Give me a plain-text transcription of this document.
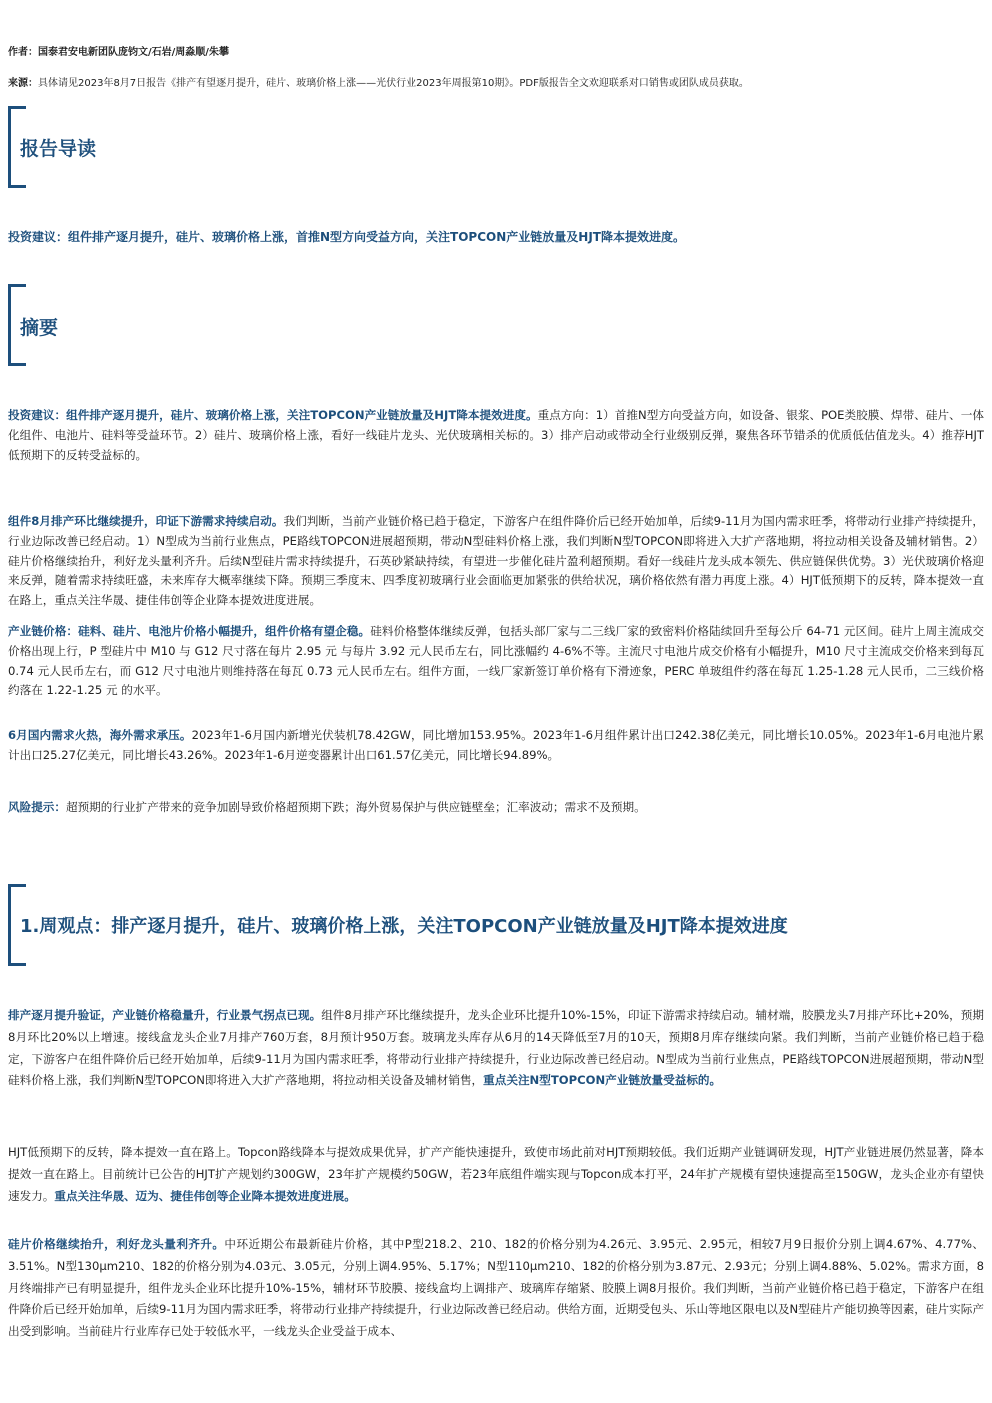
作者：国泰君安电新团队庞钧文/石岩/周淼顺/朱攀
来源：具体请见2023年8月7日报告《排产有望逐月提升，硅片、玻璃价格上涨——光伏行业2023年周报第10期》。PDF版报告全文欢迎联系对口销售或团队成员获取。
报告导读
投资建议：组件排产逐月提升，硅片、玻璃价格上涨，首推N型方向受益方向，关注TOPCON产业链放量及HJT降本提效进度。
摘要

投资建议：组件排产逐月提升，硅片、玻璃价格上涨，关注TOPCON产业链放量及HJT降本提效进度。重点方向：1）首推N型方向受益方向，如设备、银浆、POE类胶膜、焊带、硅片、一体化组件、电池片、硅料等受益环节。2）硅片、玻璃价格上涨，看好一线硅片龙头、光伏玻璃相关标的。3）排产启动或带动全行业级别反弹，聚焦各环节错杀的优质低估值龙头。4）推荐HJT低预期下的反转受益标的。

组件8月排产环比继续提升，印证下游需求持续启动。我们判断，当前产业链价格已趋于稳定，下游客户在组件降价后已经开始加单，后续9-11月为国内需求旺季，将带动行业排产持续提升，行业边际改善已经启动。1）N型成为当前行业焦点，PE路线TOPCON进展超预期，带动N型硅料价格上涨，我们判断N型TOPCON即将进入大扩产落地期，将拉动相关设备及辅材销售。2）硅片价格继续抬升，利好龙头量利齐升。后续N型硅片需求持续提升，石英砂紧缺持续，有望进一步催化硅片盈利超预期。看好一线硅片龙头成本领先、供应链保供优势。3）光伏玻璃价格迎来反弹，随着需求持续旺盛，未来库存大概率继续下降。预期三季度末、四季度初玻璃行业会面临更加紧张的供给状况，璃价格依然有潜力再度上涨。4）HJT低预期下的反转，降本提效一直在路上，重点关注华晟、捷佳伟创等企业降本提效进度进展。

产业链价格：硅料、硅片、电池片价格小幅提升，组件价格有望企稳。硅料价格整体继续反弹，包括头部厂家与二三线厂家的致密料价格陆续回升至每公斤 64-71 元区间。硅片上周主流成交价格出现上行，P 型硅片中 M10 与 G12 尺寸落在每片 2.95 元 与每片 3.92 元人民币左右，同比涨幅约 4-6%不等。主流尺寸电池片成交价格有小幅提升，M10 尺寸主流成交价格来到每瓦 0.74 元人民币左右，而 G12 尺寸电池片则维持落在每瓦 0.73 元人民币左右。组件方面，一线厂家新签订单价格有下滑迹象，PERC 单玻组件约落在每瓦 1.25-1.28 元人民币，二三线价格约落在 1.22-1.25 元 的水平。

6月国内需求火热，海外需求承压。2023年1-6月国内新增光伏装机78.42GW，同比增加153.95%。2023年1-6月组件累计出口242.38亿美元，同比增长10.05%。2023年1-6月电池片累计出口25.27亿美元，同比增长43.26%。2023年1-6月逆变器累计出口61.57亿美元，同比增长94.89%。

风险提示：超预期的行业扩产带来的竞争加剧导致价格超预期下跌；海外贸易保护与供应链壁垒；汇率波动；需求不及预期。

1.周观点：排产逐月提升，硅片、玻璃价格上涨，关注TOPCON产业链放量及HJT降本提效进度

排产逐月提升验证，产业链价格稳量升，行业景气拐点已现。组件8月排产环比继续提升，龙头企业环比提升10%-15%，印证下游需求持续启动。辅材端，胶膜龙头7月排产环比+20%，预期8月环比20%以上增速。接线盒龙头企业7月排产760万套，8月预计950万套。玻璃龙头库存从6月的14天降低至7月的10天，预期8月库存继续向紧。我们判断，当前产业链价格已趋于稳定，下游客户在组件降价后已经开始加单，后续9-11月为国内需求旺季，将带动行业排产持续提升，行业边际改善已经启动。N型成为当前行业焦点，PE路线TOPCON进展超预期，带动N型硅料价格上涨，我们判断N型TOPCON即将进入大扩产落地期，将拉动相关设备及辅材销售，重点关注N型TOPCON产业链放量受益标的。

HJT低预期下的反转，降本提效一直在路上。Topcon路线降本与提效成果优异，扩产产能快速提升，致使市场此前对HJT预期较低。我们近期产业链调研发现，HJT产业链进展仍然显著，降本提效一直在路上。目前统计已公告的HJT扩产规划约300GW，23年扩产规模约50GW，若23年底组件端实现与Topcon成本打平，24年扩产规模有望快速提高至150GW，龙头企业亦有望快速发力。重点关注华晟、迈为、捷佳伟创等企业降本提效进度进展。

硅片价格继续抬升，利好龙头量利齐升。中环近期公布最新硅片价格，其中P型218.2、210、182的价格分别为4.26元、3.95元、2.95元，相较7月9日报价分别上调4.67%、4.77%、3.51%。N型130μm210、182的价格分别为4.03元、3.05元，分别上调4.95%、5.17%；N型110μm210、182的价格分别为3.87元、2.93元；分别上调4.88%、5.02%。需求方面，8月终端排产已有明显提升，组件龙头企业环比提升10%-15%，辅材环节胶膜、接线盒均上调排产、玻璃库存缩紧、胶膜上调8月报价。我们判断，当前产业链价格已趋于稳定，下游客户在组件降价后已经开始加单，后续9-11月为国内需求旺季，将带动行业排产持续提升，行业边际改善已经启动。供给方面，近期受包头、乐山等地区限电以及N型硅片产能切换等因素，硅片实际产出受到影响。当前硅片行业库存已处于较低水平，一线龙头企业受益于成本、
